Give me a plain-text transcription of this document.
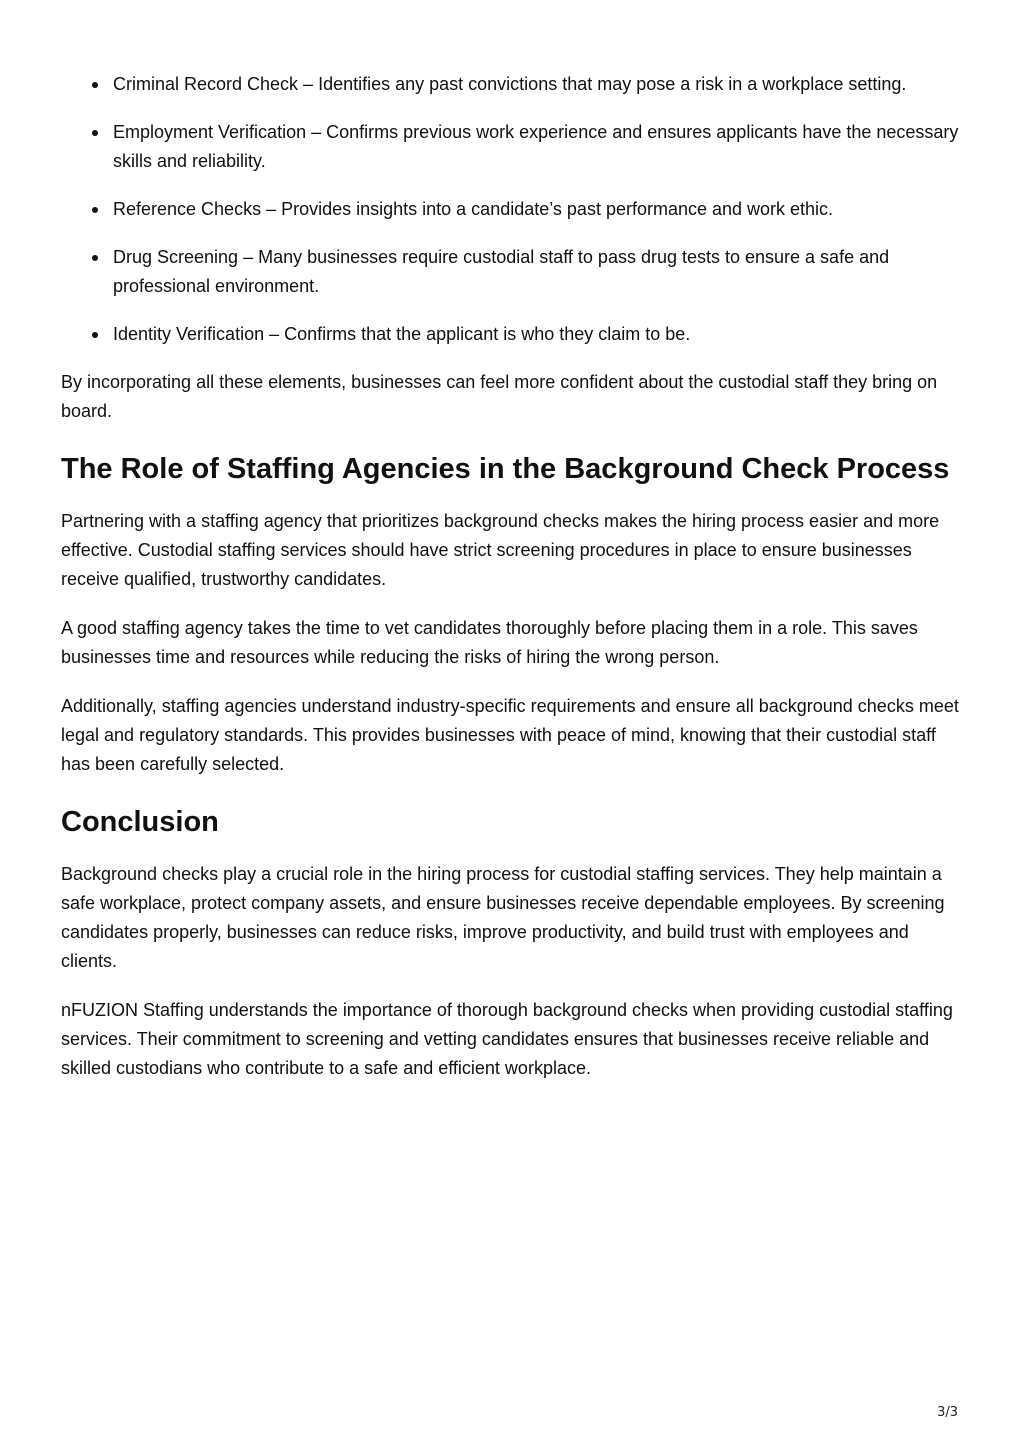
Criminal Record Check – Identifies any past convictions that may pose a risk in a workplace setting.
Employment Verification – Confirms previous work experience and ensures applicants have the necessary skills and reliability.
Reference Checks – Provides insights into a candidate’s past performance and work ethic.
Drug Screening – Many businesses require custodial staff to pass drug tests to ensure a safe and professional environment.
Identity Verification – Confirms that the applicant is who they claim to be.

By incorporating all these elements, businesses can feel more confident about the custodial staff they bring on board.

The Role of Staffing Agencies in the Background Check Process

Partnering with a staffing agency that prioritizes background checks makes the hiring process easier and more effective. Custodial staffing services should have strict screening procedures in place to ensure businesses receive qualified, trustworthy candidates.

A good staffing agency takes the time to vet candidates thoroughly before placing them in a role. This saves businesses time and resources while reducing the risks of hiring the wrong person.

Additionally, staffing agencies understand industry-specific requirements and ensure all background checks meet legal and regulatory standards. This provides businesses with peace of mind, knowing that their custodial staff has been carefully selected.

Conclusion

Background checks play a crucial role in the hiring process for custodial staffing services. They help maintain a safe workplace, protect company assets, and ensure businesses receive dependable employees. By screening candidates properly, businesses can reduce risks, improve productivity, and build trust with employees and clients.

nFUZION Staffing understands the importance of thorough background checks when providing custodial staffing services. Their commitment to screening and vetting candidates ensures that businesses receive reliable and skilled custodians who contribute to a safe and efficient workplace.

3/3
